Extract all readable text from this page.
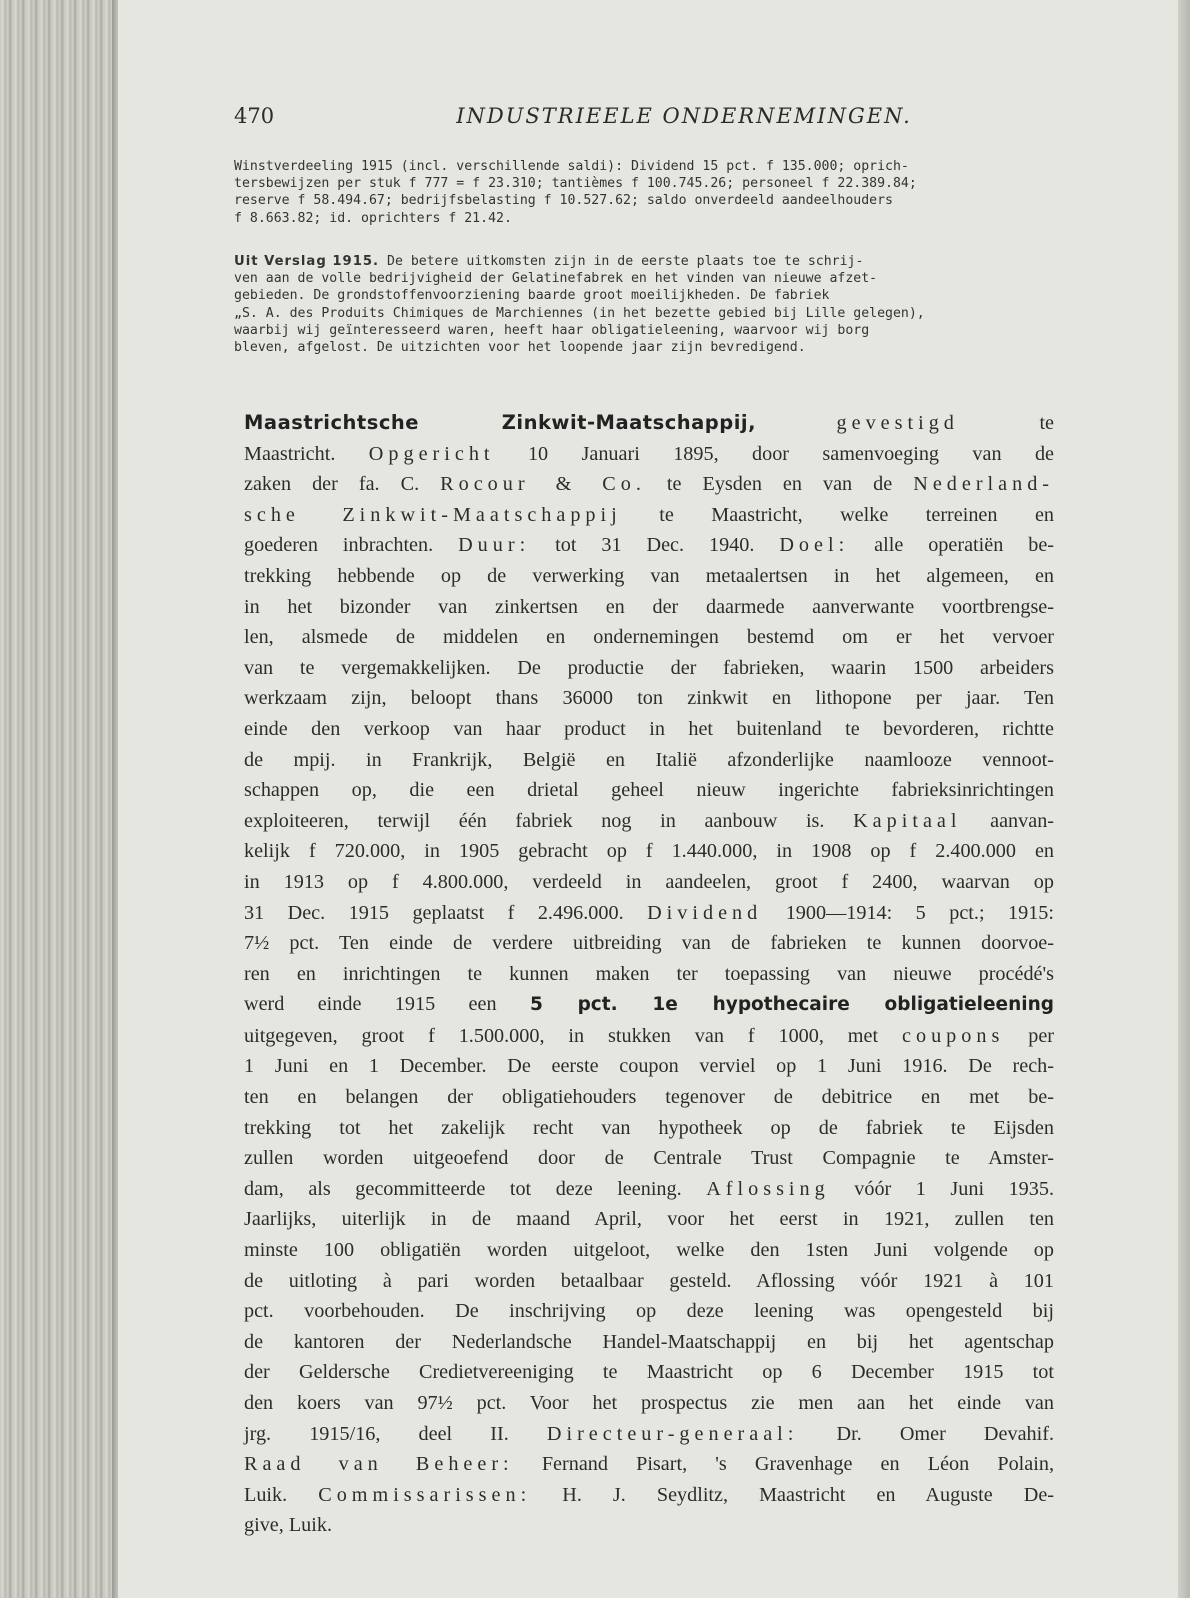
470	INDUSTRIEELE ONDERNEMINGEN.

Winstverdeeling 1915 (incl. verschillende saldi): Dividend 15 pct. f 135.000; oprich-

tersbewijzen per stuk f 777 = f 23.310; tantièmes f 100.745.26; personeel f 22.389.84;

reserve f 58.494.67; bedrijfsbelasting f 10.527.62; saldo onverdeeld aandeelhouders

f 8.663.82; id. oprichters f 21.42.

Uit Verslag 1915. De betere uitkomsten zijn in de eerste plaats toe te schrij-

ven aan de volle bedrijvigheid der Gelatinefabrek en het vinden van nieuwe afzet-

gebieden. De grondstoffenvoorziening baarde groot moeilijkheden. De fabriek

„S. A. des Produits Chimiques de Marchiennes (in het bezette gebied bij Lille gelegen),

waarbij wij geïnteresseerd waren, heeft haar obligatieleening, waarvoor wij borg

bleven, afgelost. De uitzichten voor het loopende jaar zijn bevredigend.

Maastrichtsche Zinkwit-Maatschappij,	gevestigd	te

Maastricht. Opgericht 10 Januari 1895, door samenvoeging van de

zaken der fa. C. Rocour & Co. te Eysden en van de Nederland-

sche Zinkwit-Maatschappij te Maastricht, welke terreinen en

goederen inbrachten. Duur: tot 31 Dec. 1940. Doel: alle operatiën be-

trekking hebbende op de verwerking van metaalertsen in het algemeen, en

in het bizonder van zinkertsen en der daarmede aanverwante voortbrengse-

len, alsmede de middelen en ondernemingen bestemd om er het vervoer

van te vergemakkelijken. De productie der fabrieken, waarin 1500 arbeiders

werkzaam zijn, beloopt thans 36000 ton zinkwit en lithopone per jaar. Ten

einde den verkoop van haar product in het buitenland te bevorderen, richtte

de mpij. in Frankrijk, België en Italië afzonderlijke naamlooze vennoot-

schappen op, die een drietal geheel nieuw ingerichte fabrieksinrichtingen

exploiteeren, terwijl één fabriek nog in aanbouw is. Kapitaal aanvan-

kelijk f 720.000, in 1905 gebracht op f 1.440.000, in 1908 op f 2.400.000 en

in 1913 op f 4.800.000, verdeeld in aandeelen, groot f 2400, waarvan op

31 Dec. 1915 geplaatst f 2.496.000. Dividend 1900—1914: 5 pct.; 1915:

7½ pct. Ten einde de verdere uitbreiding van de fabrieken te kunnen doorvoe-

ren en inrichtingen te kunnen maken ter toepassing van nieuwe procédé's

werd einde 1915 een 5 pct. 1e hypothecaire obligatieleening

uitgegeven, groot f 1.500.000, in stukken van f 1000, met coupons per

1 Juni en 1 December. De eerste coupon verviel op 1 Juni 1916. De rech-

ten en belangen der obligatiehouders tegenover de debitrice en met be-

trekking tot het zakelijk recht van hypotheek op de fabriek te Eijsden

zullen worden uitgeoefend door de Centrale Trust Compagnie te Amster-

dam, als gecommitteerde tot deze leening. Aflossing vóór 1 Juni 1935.

Jaarlijks, uiterlijk in de maand April, voor het eerst in 1921, zullen ten

minste 100 obligatiën worden uitgeloot, welke den 1sten Juni volgende op

de uitloting à pari worden betaalbaar gesteld. Aflossing vóór 1921 à 101

pct. voorbehouden. De inschrijving op deze leening was opengesteld bij

de kantoren der Nederlandsche Handel-Maatschappij en bij het agentschap

der Geldersche Credietvereeniging te Maastricht op 6 December 1915 tot

den koers van 97½ pct. Voor het prospectus zie men aan het einde van

jrg. 1915/16, deel II. Directeur-generaal: Dr. Omer Devahif.

Raad van Beheer: Fernand Pisart, 's Gravenhage en Léon Polain,

Luik. Commissarissen: H. J. Seydlitz, Maastricht en Auguste De-

give, Luik.
